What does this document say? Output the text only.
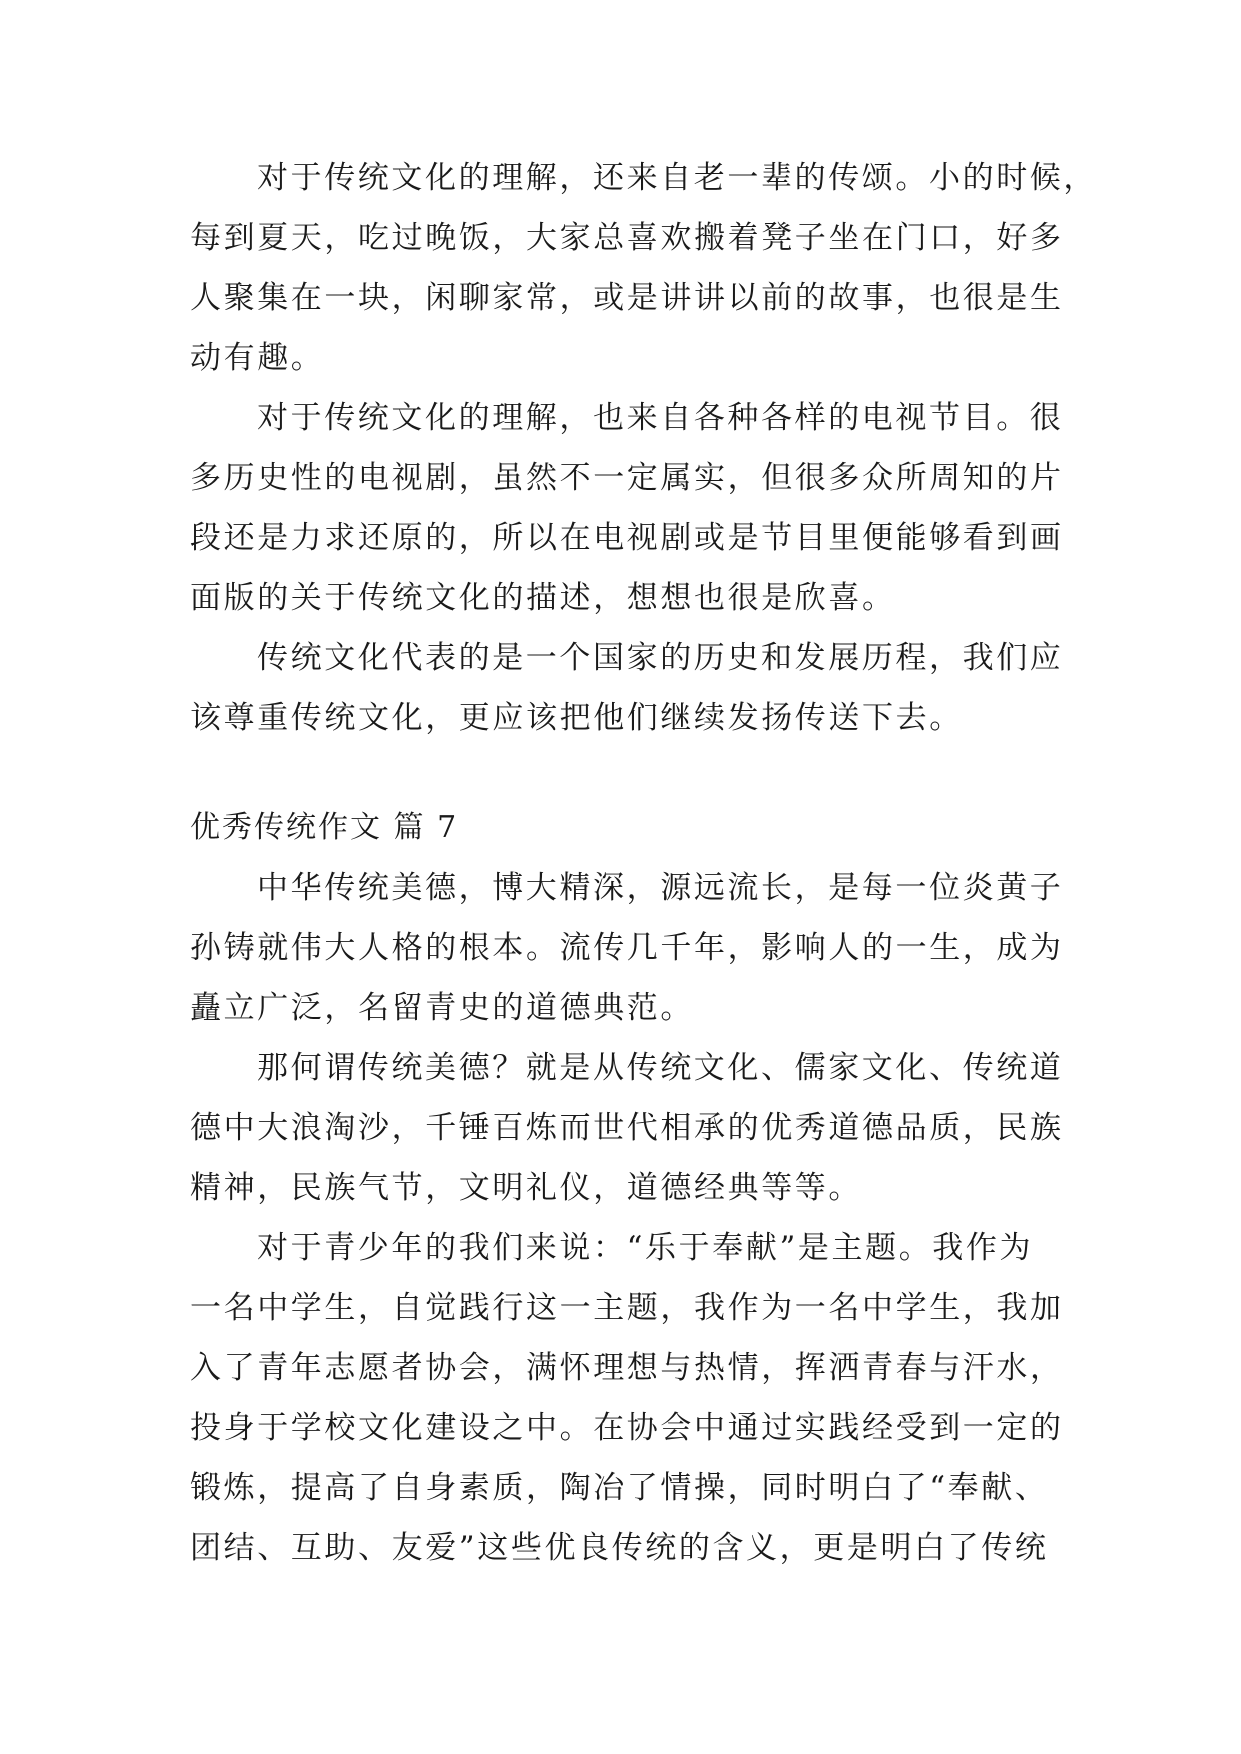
对于传统文化的理解，还来自老一辈的传颂。小的时候，
每到夏天，吃过晚饭，大家总喜欢搬着凳子坐在门口，好多
人聚集在一块，闲聊家常，或是讲讲以前的故事，也很是生
动有趣。
对于传统文化的理解，也来自各种各样的电视节目。很
多历史性的电视剧，虽然不一定属实，但很多众所周知的片
段还是力求还原的，所以在电视剧或是节目里便能够看到画
面版的关于传统文化的描述，想想也很是欣喜。
传统文化代表的是一个国家的历史和发展历程，我们应
该尊重传统文化，更应该把他们继续发扬传送下去。
优秀传统作文 篇 7
中华传统美德，博大精深，源远流长，是每一位炎黄子
孙铸就伟大人格的根本。流传几千年，影响人的一生，成为
矗立广泛，名留青史的道德典范。
那何谓传统美德？就是从传统文化、儒家文化、传统道
德中大浪淘沙，千锤百炼而世代相承的优秀道德品质，民族
精神，民族气节，文明礼仪，道德经典等等。
对于青少年的我们来说：“乐于奉献”是主题。我作为
一名中学生，自觉践行这一主题，我作为一名中学生，我加
入了青年志愿者协会，满怀理想与热情，挥洒青春与汗水，
投身于学校文化建设之中。在协会中通过实践经受到一定的
锻炼，提高了自身素质，陶冶了情操，同时明白了“奉献、
团结、互助、友爱”这些优良传统的含义，更是明白了传统
